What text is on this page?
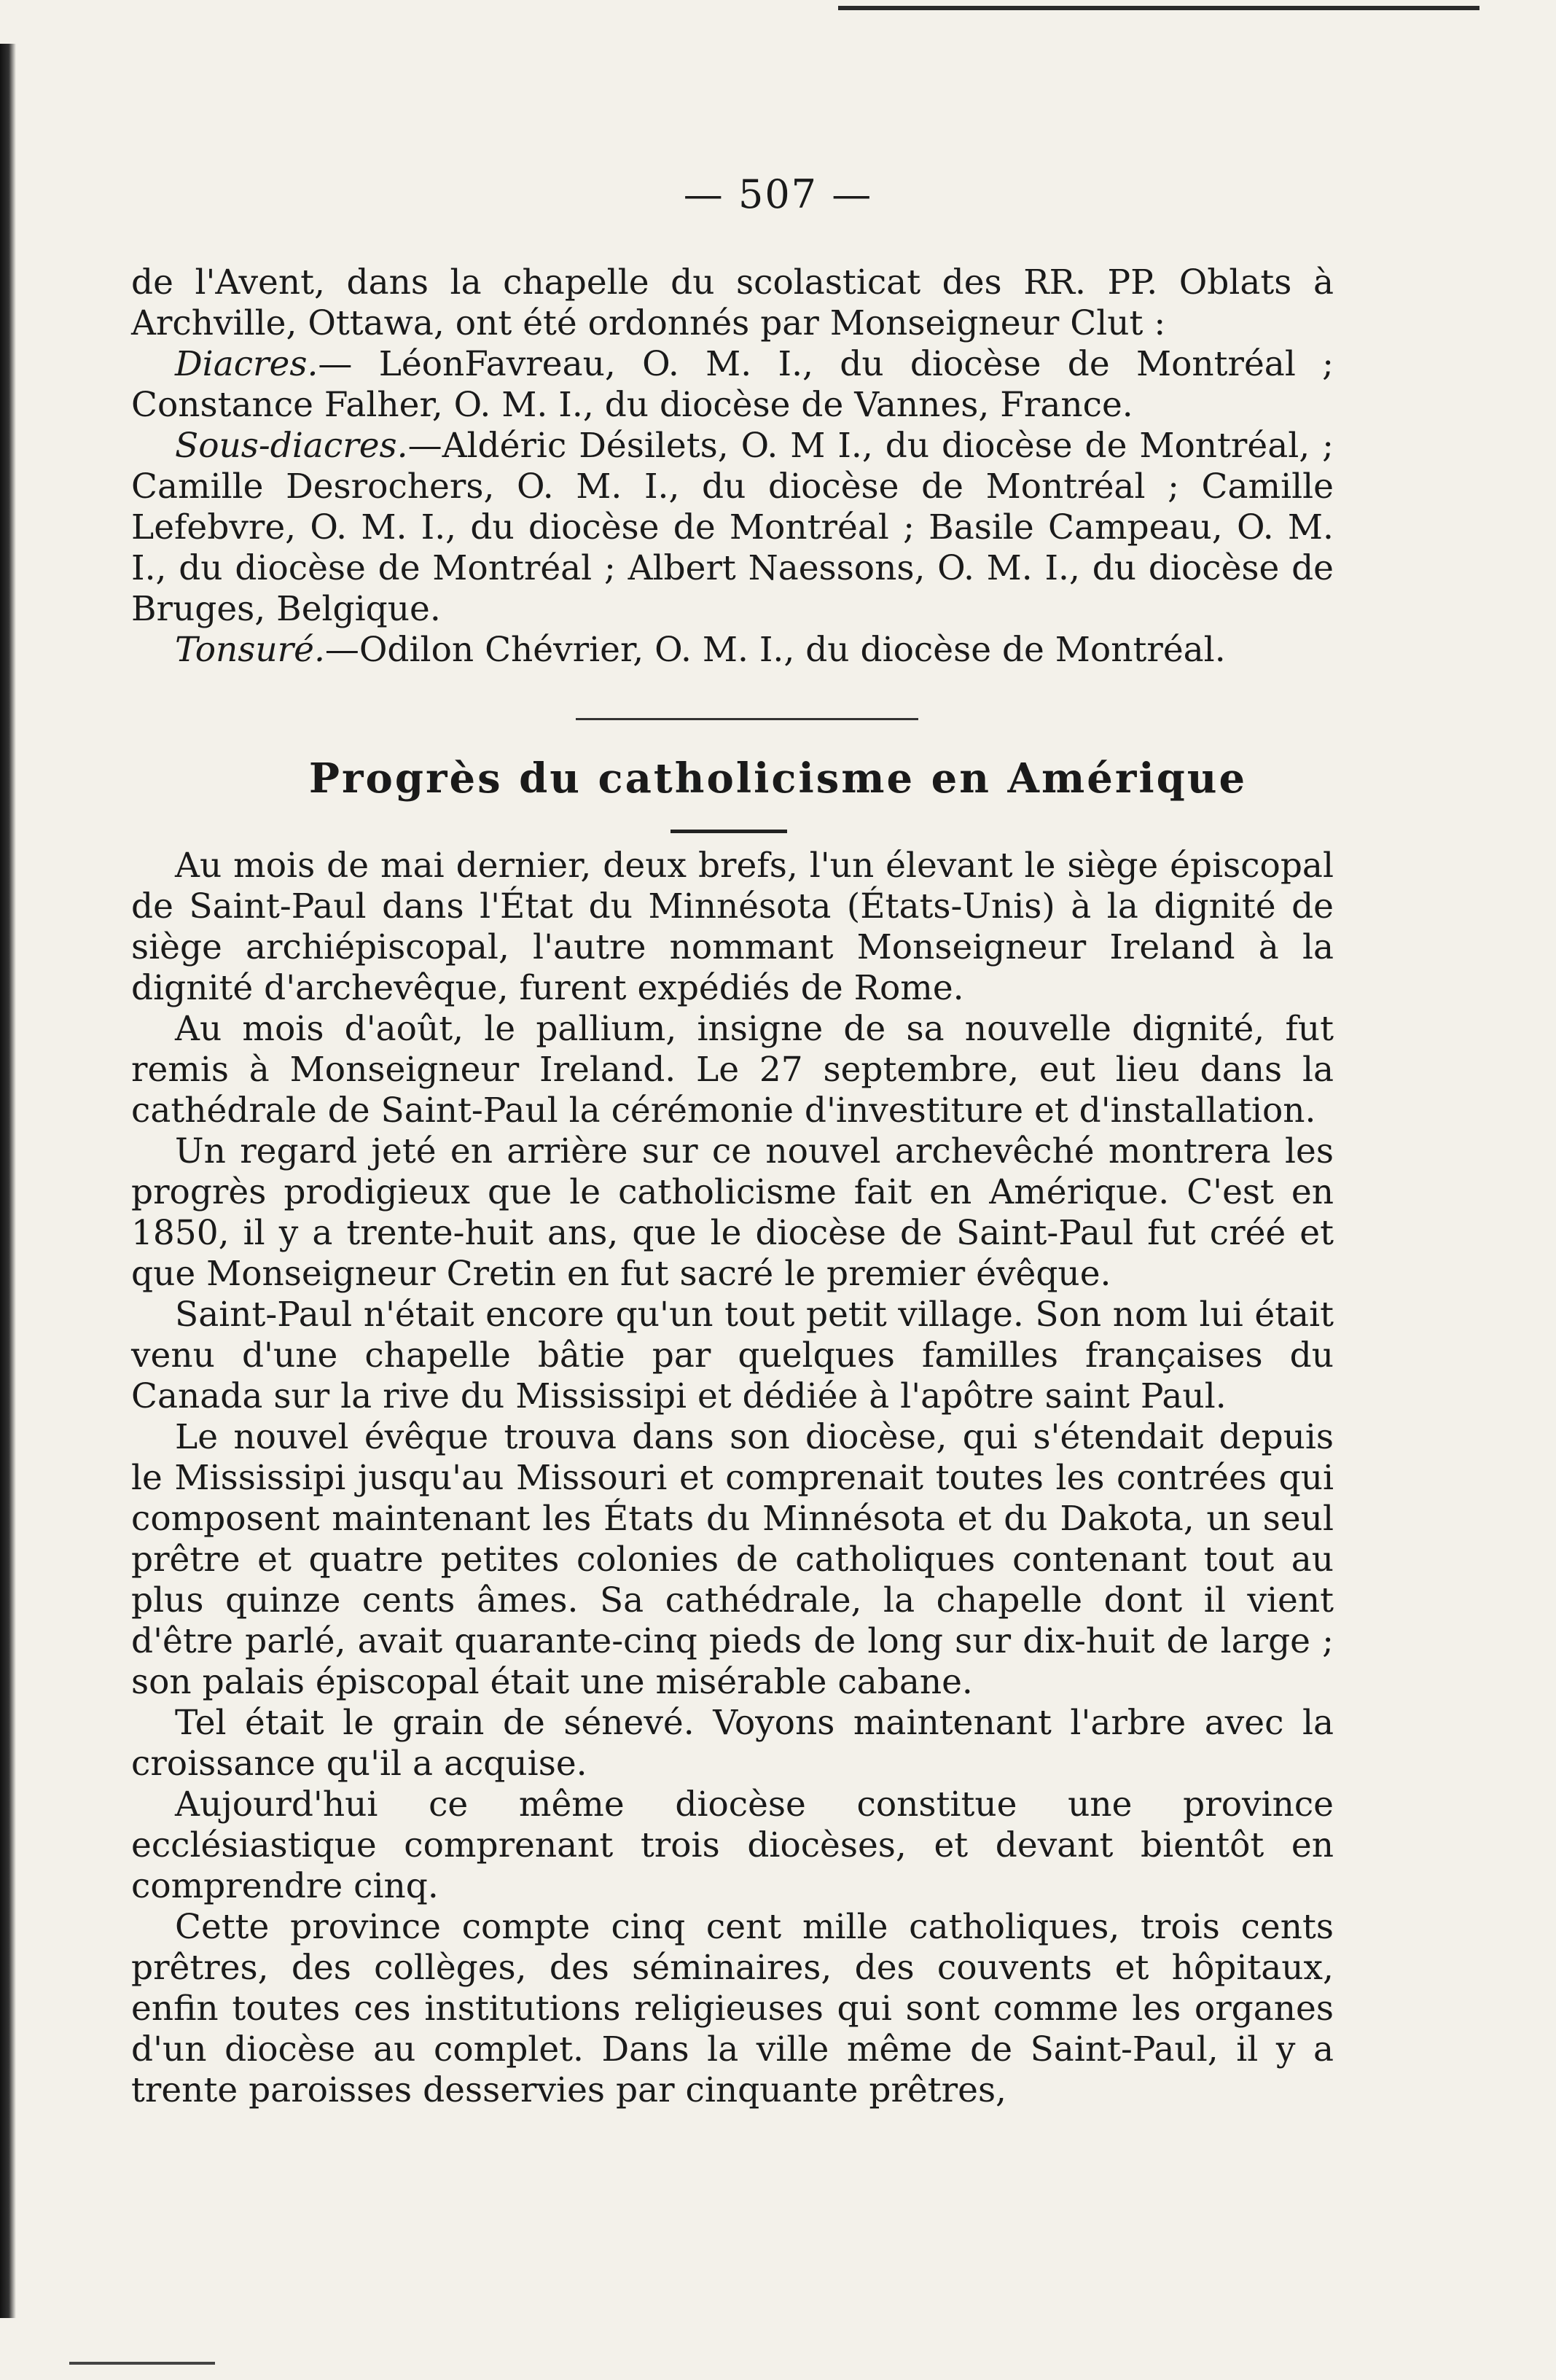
— 507 —

de l'Avent, dans la chapelle du scolasticat des RR. PP. Oblats à Archville, Ottawa, ont été ordonnés par Monseigneur Clut :

Diacres.— LéonFavreau, O. M. I., du diocèse de Montréal ; Constance Falher, O. M. I., du diocèse de Vannes, France.

Sous-diacres.—Aldéric Désilets, O. M I., du diocèse de Montréal, ; Camille Desrochers, O. M. I., du diocèse de Montréal ; Camille Lefebvre, O. M. I., du diocèse de Montréal ; Basile Campeau, O. M. I., du diocèse de Montréal ; Albert Naessons, O. M. I., du diocèse de Bruges, Belgique.

Tonsuré.—Odilon Chévrier, O. M. I., du diocèse de Montréal.

Progrès du catholicisme en Amérique

Au mois de mai dernier, deux brefs, l'un élevant le siège épiscopal de Saint-Paul dans l'État du Minnésota (États-Unis) à la dignité de siège archiépiscopal, l'autre nommant Monseigneur Ireland à la dignité d'archevêque, furent expédiés de Rome.

Au mois d'août, le pallium, insigne de sa nouvelle dignité, fut remis à Monseigneur Ireland. Le 27 septembre, eut lieu dans la cathédrale de Saint-Paul la cérémonie d'investiture et d'installation.

Un regard jeté en arrière sur ce nouvel archevêché montrera les progrès prodigieux que le catholicisme fait en Amérique. C'est en 1850, il y a trente-huit ans, que le diocèse de Saint-Paul fut créé et que Monseigneur Cretin en fut sacré le premier évêque.

Saint-Paul n'était encore qu'un tout petit village. Son nom lui était venu d'une chapelle bâtie par quelques familles françaises du Canada sur la rive du Mississipi et dédiée à l'apôtre saint Paul.

Le nouvel évêque trouva dans son diocèse, qui s'étendait depuis le Mississipi jusqu'au Missouri et comprenait toutes les contrées qui composent maintenant les États du Minnésota et du Dakota, un seul prêtre et quatre petites colonies de catholiques contenant tout au plus quinze cents âmes. Sa cathédrale, la chapelle dont il vient d'être parlé, avait quarante-cinq pieds de long sur dix-huit de large ; son palais épiscopal était une misérable cabane.

Tel était le grain de sénevé. Voyons maintenant l'arbre avec la croissance qu'il a acquise.

Aujourd'hui ce même diocèse constitue une province ecclésiastique comprenant trois diocèses, et devant bientôt en comprendre cinq.

Cette province compte cinq cent mille catholiques, trois cents prêtres, des collèges, des séminaires, des couvents et hôpitaux, enfin toutes ces institutions religieuses qui sont comme les organes d'un diocèse au complet. Dans la ville même de Saint-Paul, il y a trente paroisses desservies par cinquante prêtres,
